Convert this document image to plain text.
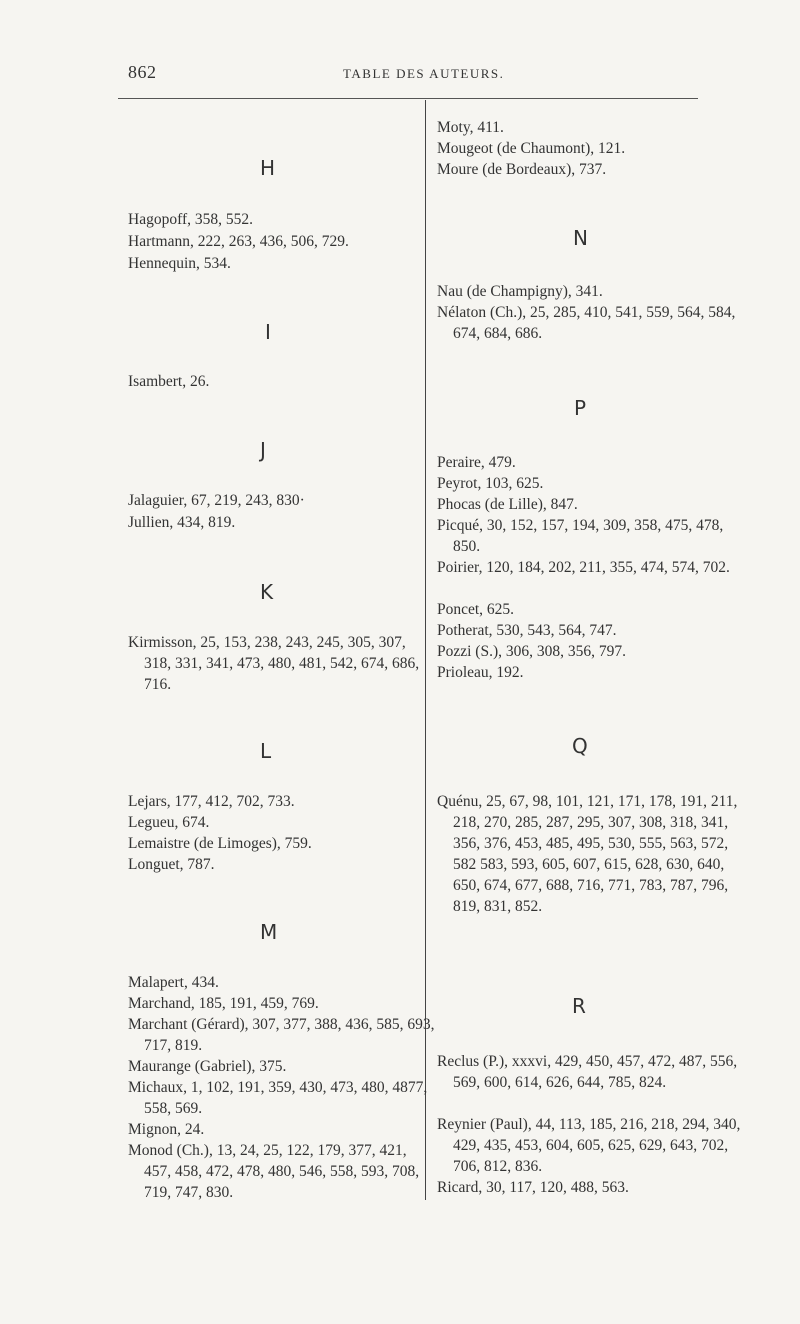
862	TABLE DES AUTEURS.
H
Hagopoff, 358, 552.
Hartmann, 222, 263, 436, 506, 729.
Hennequin, 534.
I
Isambert, 26.
J
Jalaguier, 67, 219, 243, 830·
Jullien, 434, 819.
K
Kirmisson, 25, 153, 238, 243, 245, 305, 307, 318, 331, 341, 473, 480, 481, 542, 674, 686, 716.
L
Lejars, 177, 412, 702, 733.
Legueu, 674.
Lemaistre (de Limoges), 759.
Longuet, 787.
M
Malapert, 434.
Marchand, 185, 191, 459, 769.
Marchant (Gérard), 307, 377, 388, 436, 585, 693, 717, 819.
Maurange (Gabriel), 375.
Michaux, 1, 102, 191, 359, 430, 473, 480, 4877, 558, 569.
Mignon, 24.
Monod (Ch.), 13, 24, 25, 122, 179, 377, 421, 457, 458, 472, 478, 480, 546, 558, 593, 708, 719, 747, 830.
Moty, 411.
Mougeot (de Chaumont), 121.
Moure (de Bordeaux), 737.
N
Nau (de Champigny), 341.
Nélaton (Ch.), 25, 285, 410, 541, 559, 564, 584, 674, 684, 686.
P
Peraire, 479.
Peyrot, 103, 625.
Phocas (de Lille), 847.
Picqué, 30, 152, 157, 194, 309, 358, 475, 478, 850.
Poirier, 120, 184, 202, 211, 355, 474, 574, 702.
Poncet, 625.
Potherat, 530, 543, 564, 747.
Pozzi (S.), 306, 308, 356, 797.
Prioleau, 192.
Q
Quénu, 25, 67, 98, 101, 121, 171, 178, 191, 211, 218, 270, 285, 287, 295, 307, 308, 318, 341, 356, 376, 453, 485, 495, 530, 555, 563, 572, 582 583, 593, 605, 607, 615, 628, 630, 640, 650, 674, 677, 688, 716, 771, 783, 787, 796, 819, 831, 852.
R
Reclus (P.), xxxvi, 429, 450, 457, 472, 487, 556, 569, 600, 614, 626, 644, 785, 824.
Reynier (Paul), 44, 113, 185, 216, 218, 294, 340, 429, 435, 453, 604, 605, 625, 629, 643, 702, 706, 812, 836.
Ricard, 30, 117, 120, 488, 563.
